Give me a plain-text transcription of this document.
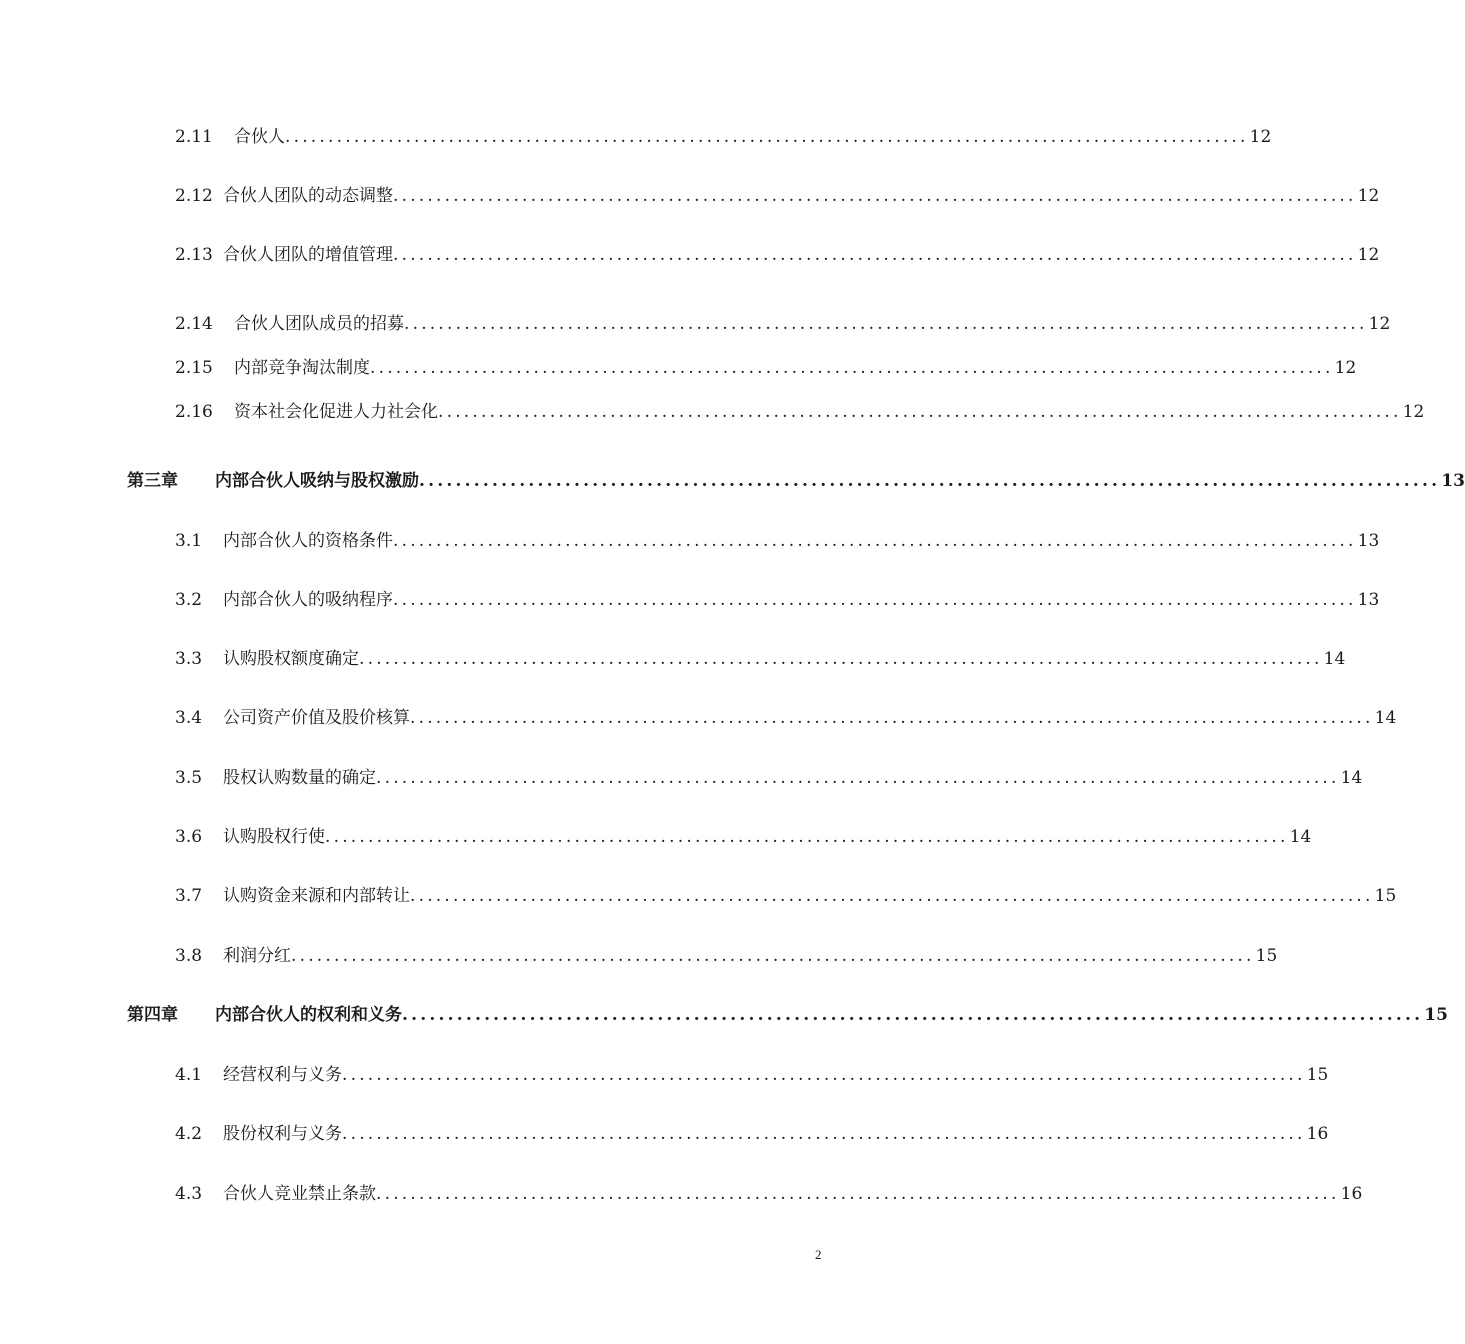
2.11	合伙人 ................................................................................................................ 12
2.12 合伙人团队的动态调整 ................................................................................................................ 12
2.13 合伙人团队的增值管理 ................................................................................................................ 12
2.14	合伙人团队成员的招募 ................................................................................................................ 12
2.15	内部竞争淘汰制度 ................................................................................................................ 12
2.16	资本社会化促进人力社会化 ................................................................................................................ 12
第三章	内部合伙人吸纳与股权激励 ................................................................................................................ 13
3.1	内部合伙人的资格条件 ................................................................................................................ 13
3.2	内部合伙人的吸纳程序 ................................................................................................................ 13
3.3	认购股权额度确定 ................................................................................................................ 14
3.4	公司资产价值及股价核算 ................................................................................................................ 14
3.5	股权认购数量的确定 ................................................................................................................ 14
3.6	认购股权行使 ................................................................................................................ 14
3.7	认购资金来源和内部转让 ................................................................................................................ 15
3.8	利润分红 ................................................................................................................ 15
第四章	内部合伙人的权利和义务 ................................................................................................................ 15
4.1	经营权利与义务 ................................................................................................................ 15
4.2	股份权利与义务 ................................................................................................................ 16
4.3	合伙人竞业禁止条款 ................................................................................................................ 16
2
